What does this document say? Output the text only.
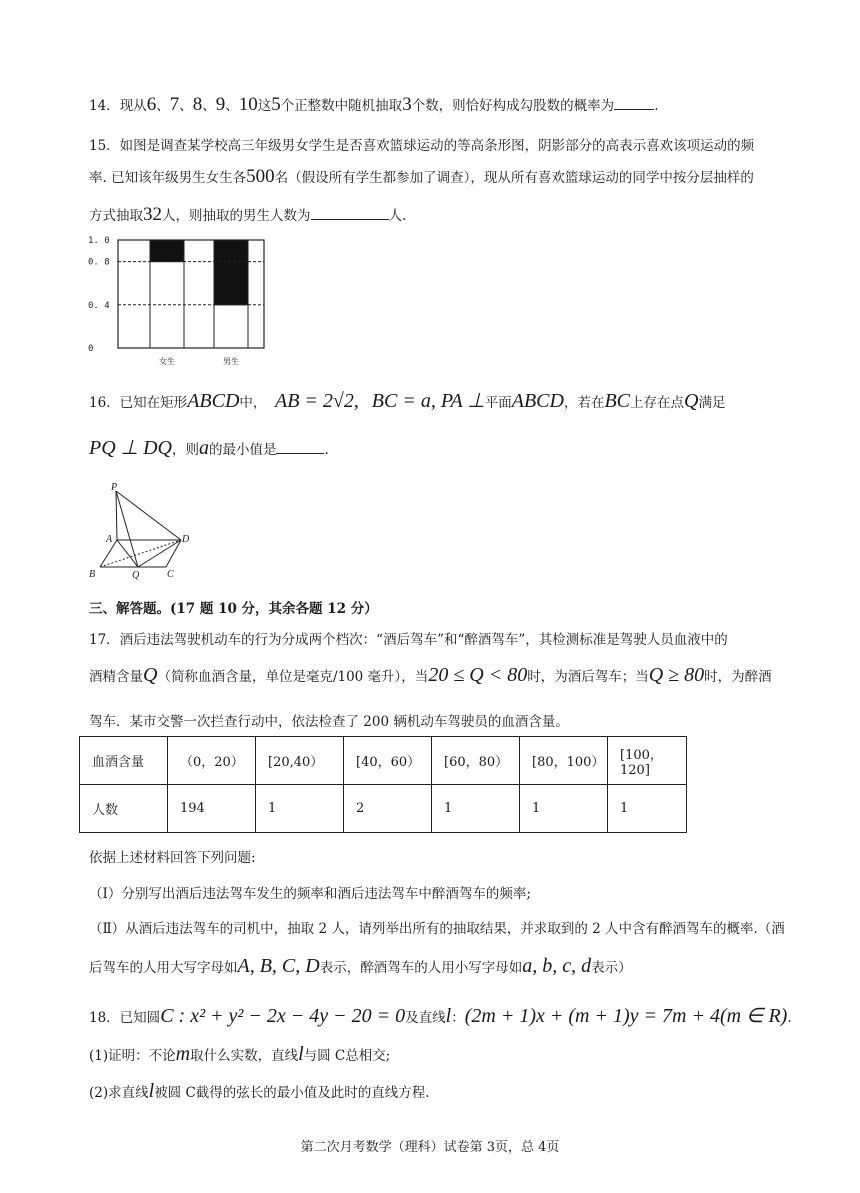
14．现从6、7、8、9、10这5个正整数中随机抽取3个数，则恰好构成勾股数的概率为	.
15．如图是调查某学校高三年级男女学生是否喜欢篮球运动的等高条形图，阴影部分的高表示喜欢该项运动的频
率. 已知该年级男生女生各500名（假设所有学生都参加了调查），现从所有喜欢篮球运动的同学中按分层抽样的
方式抽取32人，则抽取的男生人数为	人.
女生	男生
0
0. 4
0. 8
1. 0
16．已知在矩形ABCD中， AB = 2√2, BC = a, PA ⊥平面ABCD，若在BC上存在点Q满足
PQ ⊥ DQ，则a的最小值是	.
P
A	D
B	Q	C
三、解答题。(17 题 10 分，其余各题 12 分）
17．酒后违法驾驶机动车的行为分成两个档次：“酒后驾车”和“醉酒驾车”，其检测标准是驾驶人员血液中的
酒精含量Q（简称血酒含量，单位是毫克/100 毫升），当20 ≤ Q < 80时，为酒后驾车；当Q ≥ 80时，为醉酒
驾车．某市交警一次拦查行动中，依法检查了 200 辆机动车驾驶员的血酒含量。
血酒含量	（0，20）	[20,40）	[40，60）	[60，80）	[80，100）	[100，120]
人数	194	1	2	1	1	1
依据上述材料回答下列问题:
（Ⅰ）分别写出酒后违法驾车发生的频率和酒后违法驾车中醉酒驾车的频率;
（Ⅱ）从酒后违法驾车的司机中，抽取 2 人，请列举出所有的抽取结果，并求取到的 2 人中含有醉酒驾车的概率.（酒
后驾车的人用大写字母如A, B, C, D表示，醉酒驾车的人用小写字母如a, b, c, d表示）
18．已知圆C : x² + y² − 2x − 4y − 20 = 0及直线l：(2m + 1)x + (m + 1)y = 7m + 4(m ∈ R).
(1)证明：不论m取什么实数，直线l与圆 C总相交;
(2)求直线l被圆 C截得的弦长的最小值及此时的直线方程.
第二次月考数学（理科）试卷第 3页，总 4页
